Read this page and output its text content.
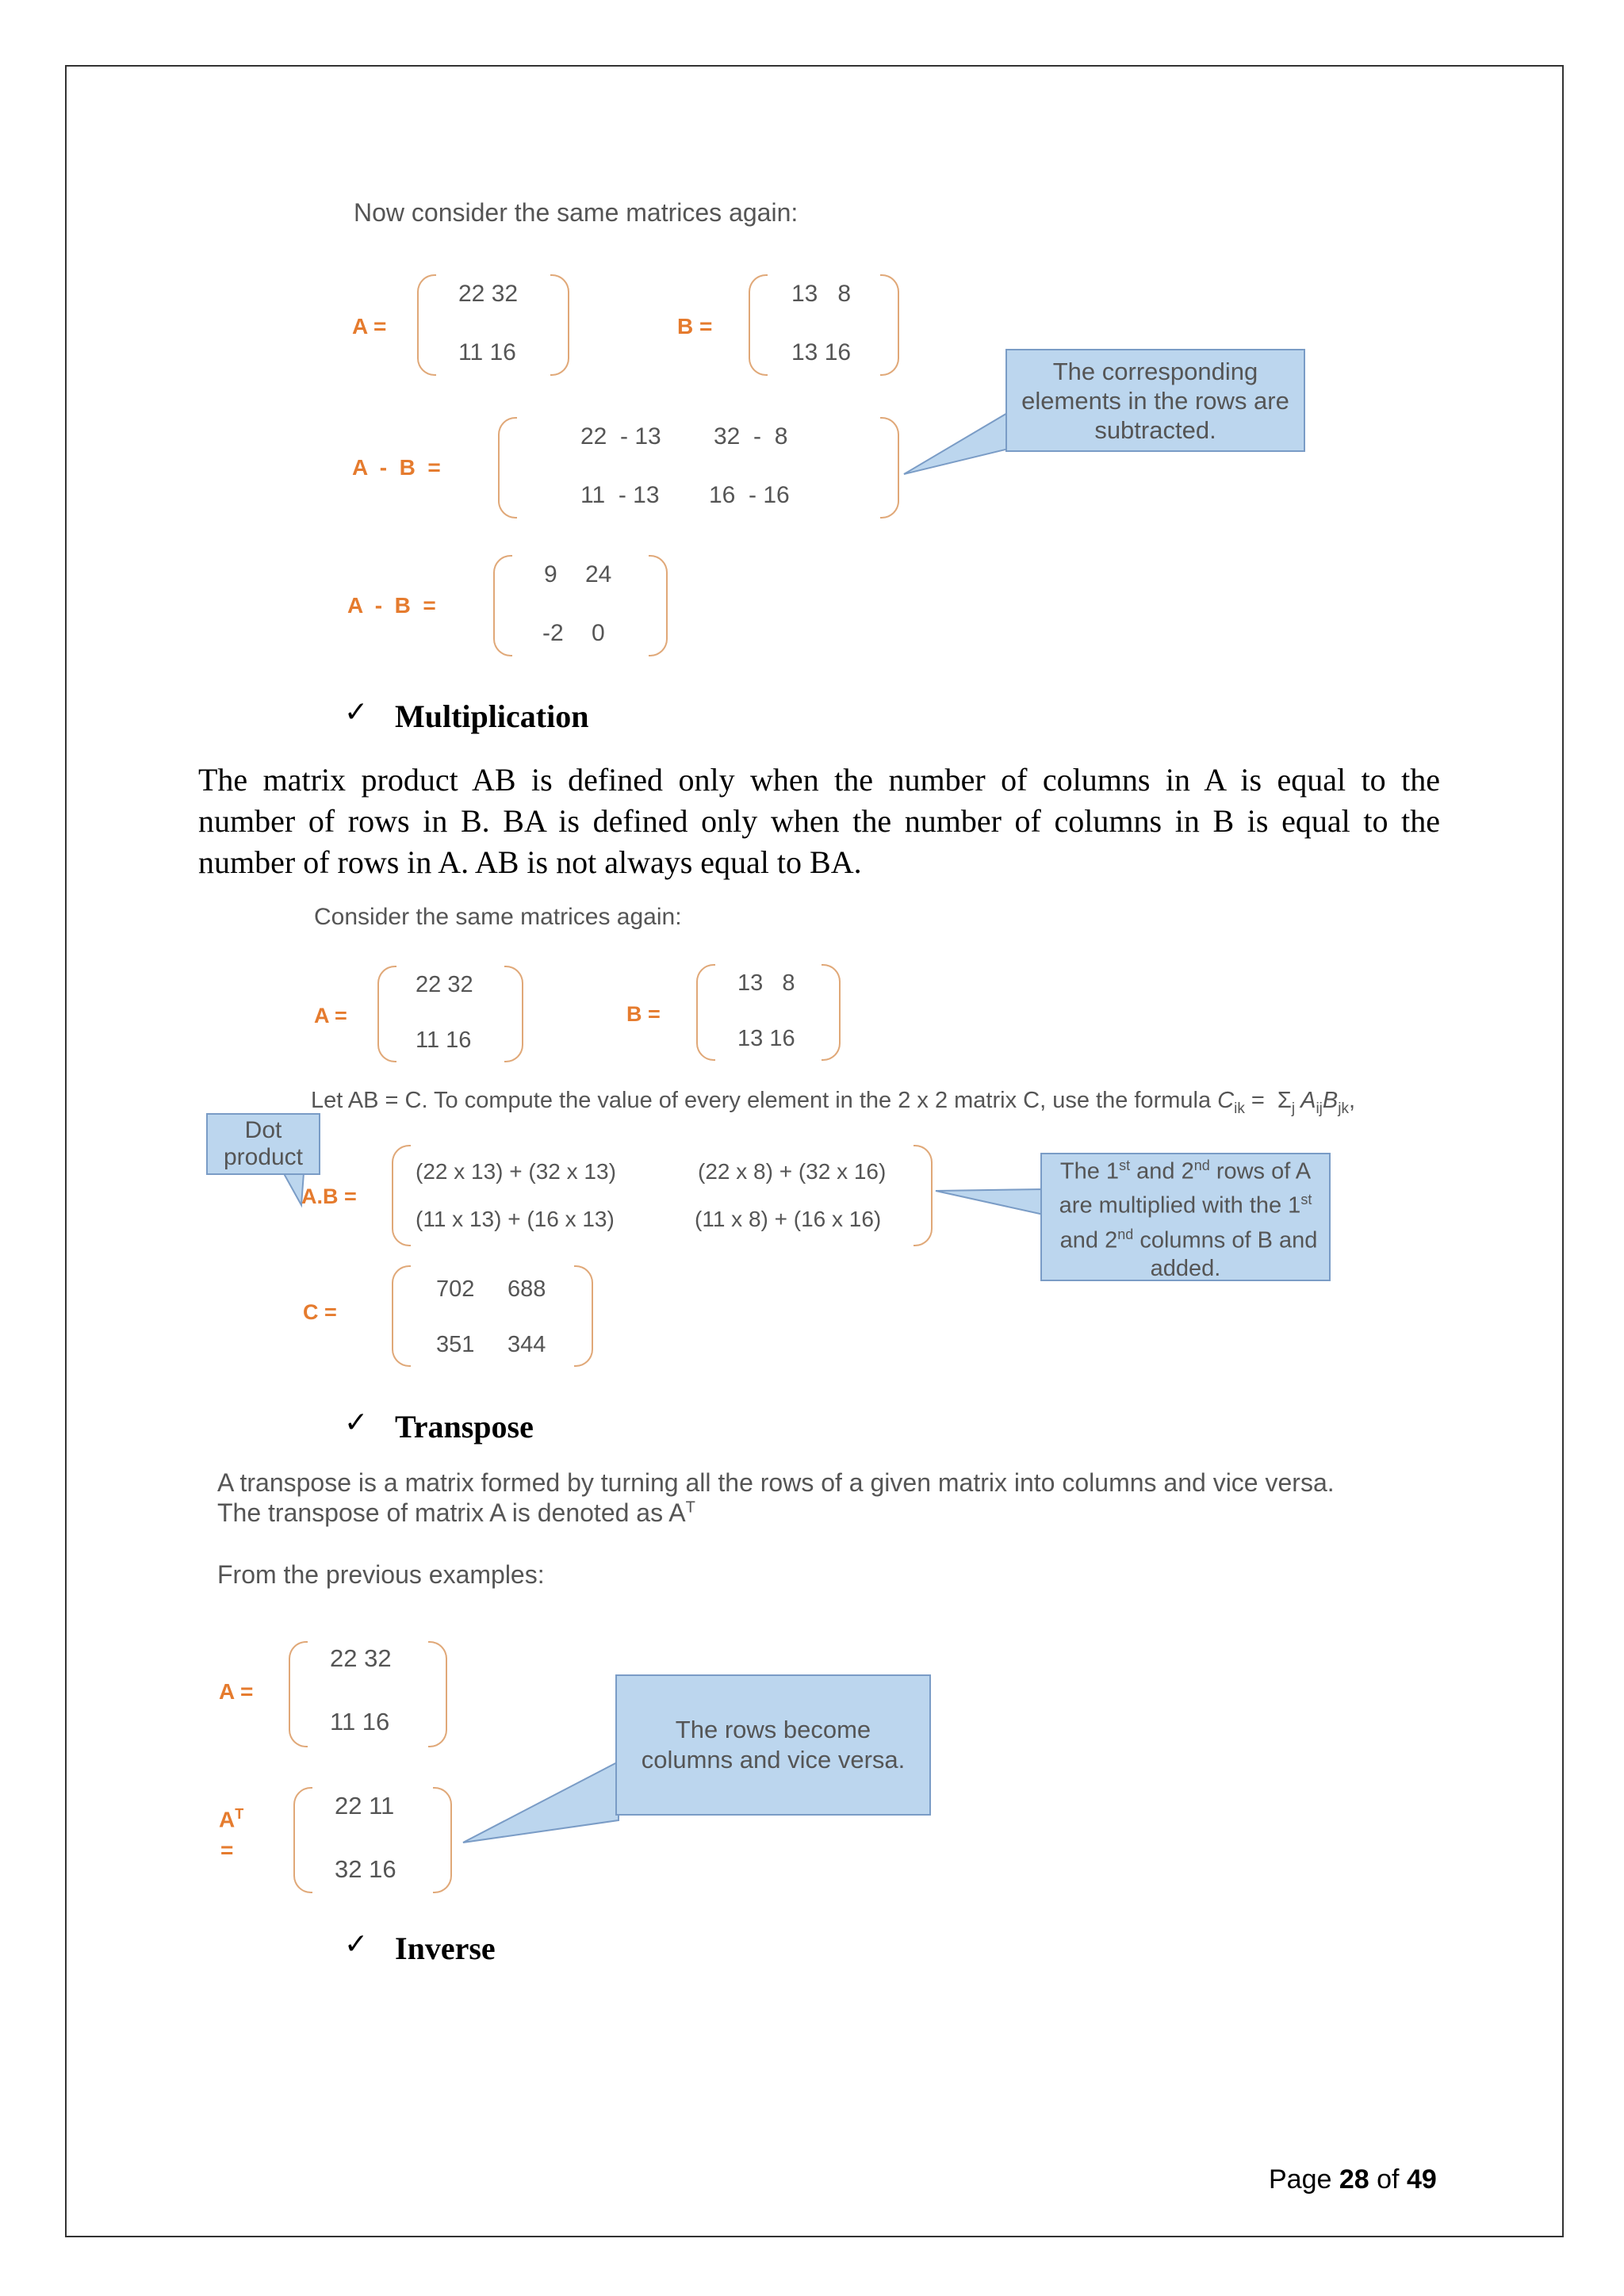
Now consider the same matrices again:
A =
22 32
11 16
B =
13   8
13 16
A  -  B  =
22  - 13 32  -  8
11  - 13 16  - 16
The corresponding elements in the rows are subtracted.
A  -  B  =
9 24
-2 0
✓ Multiplication
The matrix product AB is defined only when the number of columns in A is equal to the
number of rows in B. BA is defined only when the number of columns in B is equal to the
number of rows in A. AB is not always equal to BA.
Consider the same matrices again:
A =
22 32
11 16
B =
13   8
13 16
Let AB = C. To compute the value of every element in the 2 x 2 matrix C, use the formula $C_{ik} = \Sigma_j$ $A_{ij}B_{jk}$,
Dot product
A.B =
(22 x 13) + (32 x 13)	(22 x 8) + (32 x 16)
(11 x 13) + (16 x 13)	(11 x 8) + (16 x 16)
The 1st and 2nd rows of A are multiplied with the 1st and 2nd columns of B and added.
C =
702 688
351 344
✓ Transpose
A transpose is a matrix formed by turning all the rows of a given matrix into columns and vice versa.
The transpose of matrix A is denoted as $A^T$
From the previous examples:
A =
22 32
11 16
$A^T$
=
22 11
32 16
The rows become columns and vice versa.
✓ Inverse
Page 28 of 49
